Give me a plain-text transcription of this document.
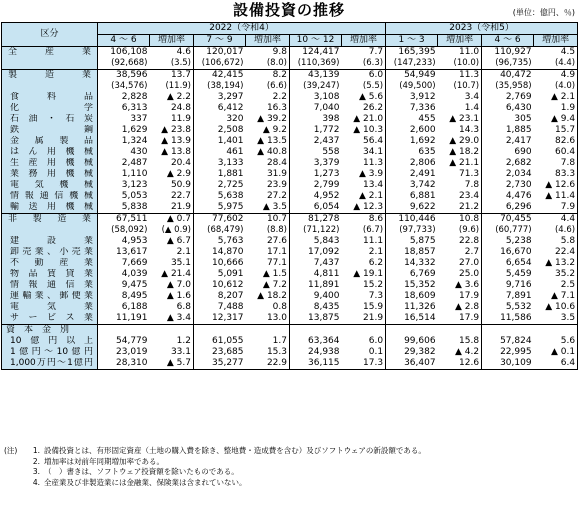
設備投資の推移	(単位：億円、％)
区分	2022（令和4）						2023（令和5）			
	4 ～ 6	増加率	7 ～ 9	増加率	10 ～ 12	増加率	1 ～ 3	増加率	4 ～ 6	増加率
全　産　業	106,108	4.6	120,017	9.8	124,417	7.7	165,395	11.0	110,927	4.5
	(92,668)	(3.5)	(106,672)	(8.0)	(110,369)	(6.3)	(147,233)	(10.0)	(96,735)	(4.4)
製　造　業	38,596	13.7	42,415	8.2	43,139	6.0	54,949	11.3	40,472	4.9
	(34,576)	(11.9)	(38,194)	(6.6)	(39,247)	(5.5)	(49,500)	(10.7)	(35,958)	(4.0)
食　料　品	2,828	▲ 2.2	3,297	2.2	3,108	▲ 5.6	3,912	3.4	2,769	▲ 2.1
化　学	6,313	24.8	6,412	16.3	7,040	26.2	7,336	1.4	6,430	1.9
石油・石炭	337	11.9	320	▲ 39.2	398	▲ 21.0	455	▲ 23.1	305	▲ 9.4
鉄　鋼	1,629	▲ 23.8	2,508	▲ 9.2	1,772	▲ 10.3	2,600	14.3	1,885	15.7
金属製品	1,324	▲ 13.9	1,401	▲ 13.5	2,437	56.4	1,692	▲ 29.0	2,417	82.6
はん用機械	430	▲ 13.8	461	▲ 40.8	558	34.1	635	▲ 18.2	690	60.4
生産用機械	2,487	20.4	3,133	28.4	3,379	11.3	2,806	▲ 21.1	2,682	7.8
業務用機械	1,110	▲ 2.9	1,881	31.9	1,273	▲ 3.9	2,491	71.3	2,034	83.3
電気機械	3,123	50.9	2,725	23.9	2,799	13.4	3,742	7.8	2,730	▲ 12.6
情報通信機械	5,053	22.7	5,638	27.2	4,952	▲ 2.1	6,881	23.4	4,476	▲ 11.4
輸送用機械	5,838	21.9	5,975	▲ 3.5	6,054	▲ 12.3	9,622	21.2	6,296	7.9
非　製　造　業	67,511	▲ 0.7	77,602	10.7	81,278	8.6	110,446	10.8	70,455	4.4
	(58,092)	(▲ 0.9)	(68,479)	(8.8)	(71,122)	(6.7)	(97,733)	(9.6)	(60,777)	(4.6)
建　設　業	4,953	▲ 6.7	5,763	27.6	5,843	11.1	5,875	22.8	5,238	5.8
卸売業、小売業	13,617	2.1	14,870	17.1	17,092	2.1	18,857	2.7	16,670	22.4
不　動　産　業	7,669	35.1	10,666	77.1	7,437	6.2	14,332	27.0	6,654	▲ 13.2
物品賃貸業	4,039	▲ 21.4	5,091	▲ 1.5	4,811	▲ 19.1	6,769	25.0	5,459	35.2
情報通信業	9,475	▲ 7.0	10,612	▲ 7.2	11,891	15.2	15,352	▲ 3.6	9,716	2.5
運輸業、郵便業	8,495	▲ 1.6	8,207	▲ 18.2	9,400	7.3	18,609	17.9	7,891	▲ 7.1
電　気　業	6,188	6.8	7,488	0.8	8,435	15.9	11,326	▲ 2.8	5,532	▲ 10.6
サービス業	11,191	▲ 3.4	12,317	13.0	13,875	21.9	16,514	17.9	11,586	3.5
資本金別										
10億円以上	54,779	1.2	61,055	1.7	63,364	6.0	99,606	15.8	57,824	5.6
1億円～10億円	23,019	33.1	23,685	15.3	24,938	0.1	29,382	▲ 4.2	22,995	▲ 0.1
1,000万円～1億円	28,310	▲ 5.7	35,277	22.9	36,115	17.3	36,407	12.6	30,109	6.4
(注)	1. 設備投資とは、有形固定資産（土地の購入費を除き、整地費・造成費を含む）及びソフトウェアの新設額である。
2. 増加率は対前年同期増加率である。
3. （　）書きは、ソフトウェア投資額を除いたものである。
4. 全産業及び非製造業には金融業、保険業は含まれていない。
